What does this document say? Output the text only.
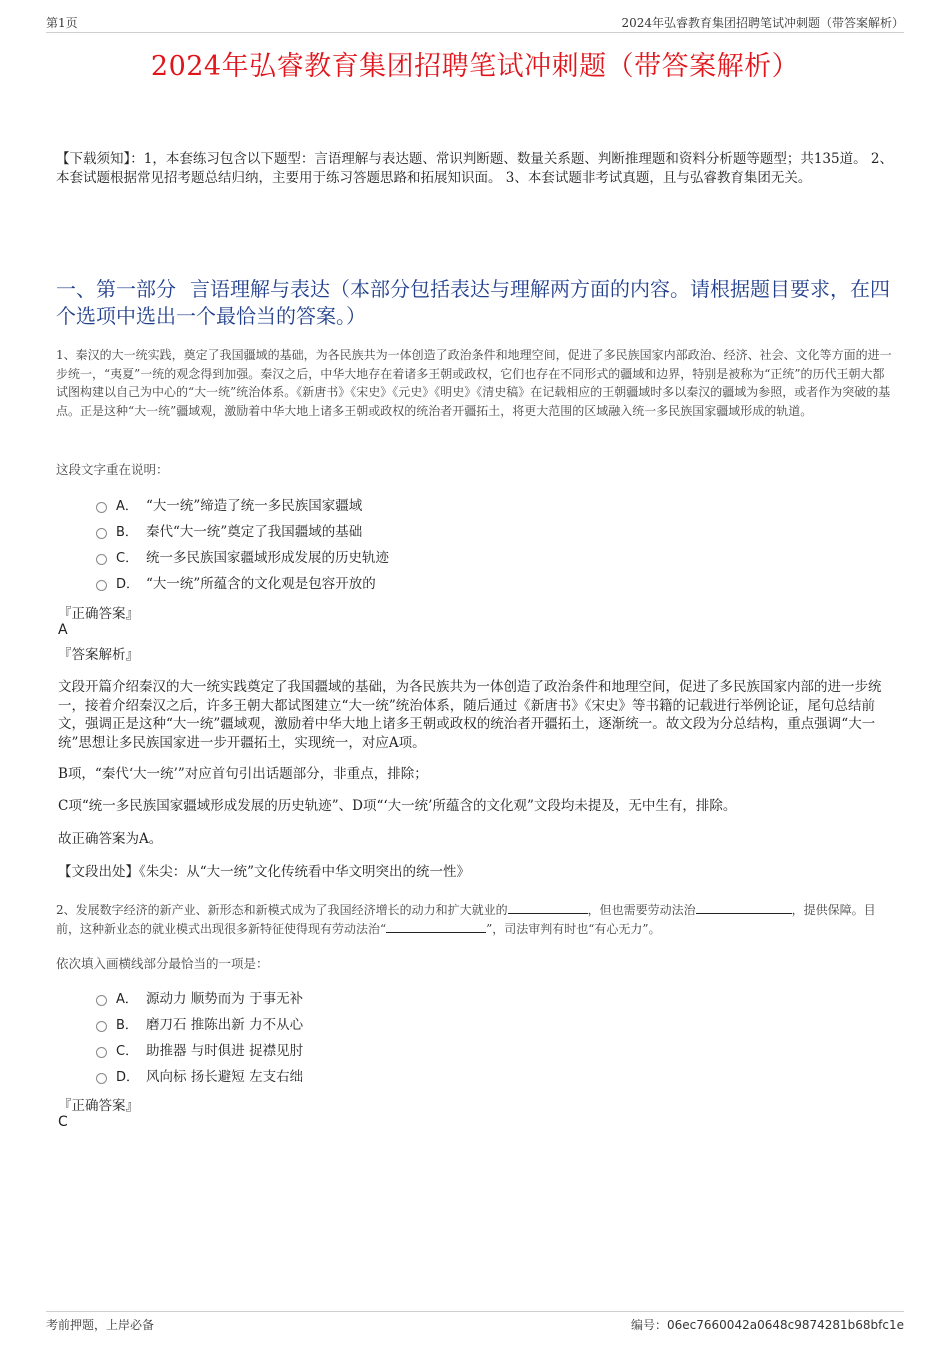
第1页	2024年弘睿教育集团招聘笔试冲刺题（带答案解析）
2024年弘睿教育集团招聘笔试冲刺题（带答案解析）
【下载须知】：1，本套练习包含以下题型：言语理解与表达题、常识判断题、数量关系题、判断推理题和资料分析题等题型；共135道。 2、本套试题根据常见招考题总结归纳，主要用于练习答题思路和拓展知识面。 3、本套试题非考试真题，且与弘睿教育集团无关。
一、第一部分 言语理解与表达（本部分包括表达与理解两方面的内容。请根据题目要求，在四个选项中选出一个最恰当的答案。）
1、秦汉的大一统实践，奠定了我国疆域的基础，为各民族共为一体创造了政治条件和地理空间，促进了多民族国家内部政治、经济、社会、文化等方面的进一步统一，“夷夏”一统的观念得到加强。秦汉之后，中华大地存在着诸多王朝或政权，它们也存在不同形式的疆域和边界，特别是被称为“正统”的历代王朝大都试图构建以自己为中心的“大一统”统治体系。《新唐书》《宋史》《元史》《明史》《清史稿》在记载相应的王朝疆域时多以秦汉的疆域为参照，或者作为突破的基点。正是这种“大一统”疆域观，激励着中华大地上诸多王朝或政权的统治者开疆拓土，将更大范围的区域融入统一多民族国家疆域形成的轨道。
这段文字重在说明：
A． “大一统”缔造了统一多民族国家疆域
B． 秦代“大一统”奠定了我国疆域的基础
C． 统一多民族国家疆域形成发展的历史轨迹
D． “大一统”所蕴含的文化观是包容开放的
『正确答案』
A
『答案解析』
文段开篇介绍秦汉的大一统实践奠定了我国疆域的基础，为各民族共为一体创造了政治条件和地理空间，促进了多民族国家内部的进一步统一，接着介绍秦汉之后，许多王朝大都试图建立“大一统”统治体系，随后通过《新唐书》《宋史》等书籍的记载进行举例论证，尾句总结前文，强调正是这种“大一统”疆域观，激励着中华大地上诸多王朝或政权的统治者开疆拓土，逐渐统一。故文段为分总结构，重点强调“大一统”思想让多民族国家进一步开疆拓土，实现统一，对应A项。
B项，“秦代‘大一统’”对应首句引出话题部分，非重点，排除；
C项“统一多民族国家疆域形成发展的历史轨迹”、D项“‘大一统’所蕴含的文化观”文段均未提及，无中生有，排除。
故正确答案为A。
【文段出处】《朱尖：从“大一统”文化传统看中华文明突出的统一性》
2、发展数字经济的新产业、新形态和新模式成为了我国经济增长的动力和扩大就业的	，但也需要劳动法治	，提供保障。目前，这种新业态的就业模式出现很多新特征使得现有劳动法治“	”，司法审判有时也“有心无力”。
依次填入画横线部分最恰当的一项是：
A． 源动力 顺势而为 于事无补
B． 磨刀石 推陈出新 力不从心
C． 助推器 与时俱进 捉襟见肘
D． 风向标 扬长避短 左支右绌
『正确答案』
C
考前押题，上岸必备	编号：06ec7660042a0648c9874281b68bfc1e
